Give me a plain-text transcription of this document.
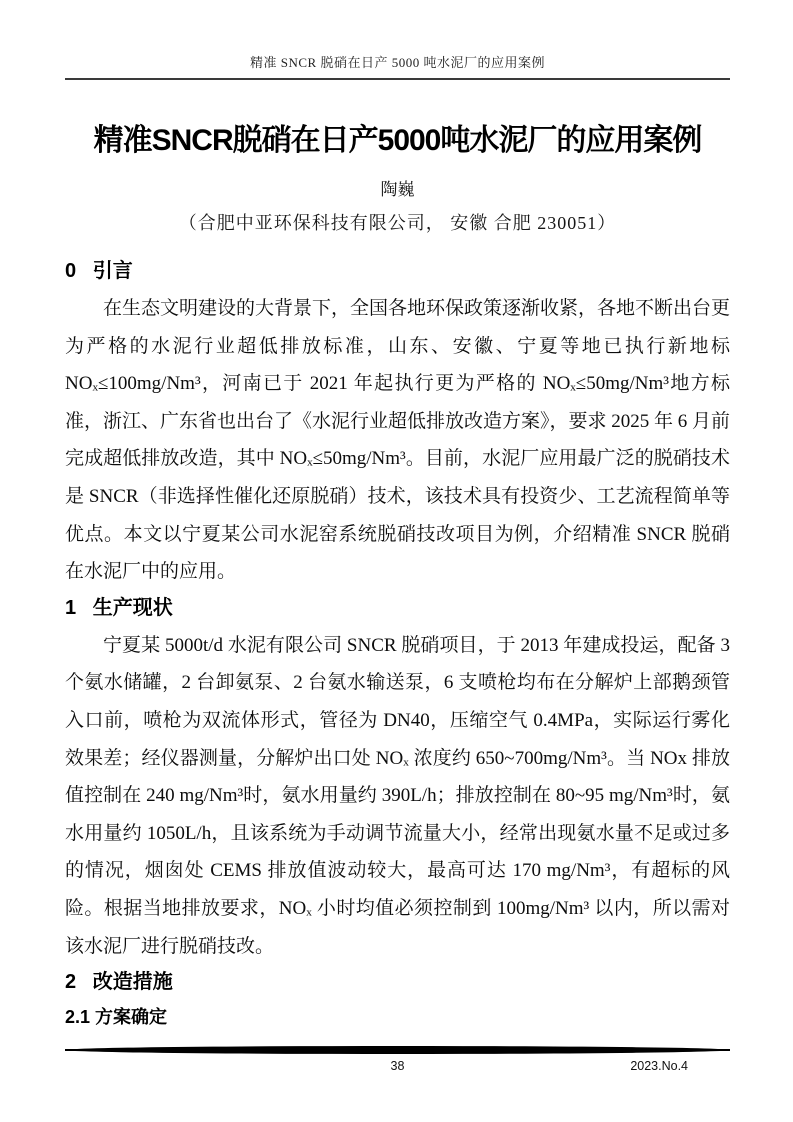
精准 SNCR 脱硝在日产 5000 吨水泥厂的应用案例
精准SNCR脱硝在日产5000吨水泥厂的应用案例
陶巍
（合肥中亚环保科技有限公司， 安徽 合肥 230051）
0   引言

在生态文明建设的大背景下，全国各地环保政策逐渐收紧，各地不断出台更为严格的水泥行业超低排放标准，山东、安徽、宁夏等地已执行新地标NOₓ≤100mg/Nm³，河南已于 2021 年起执行更为严格的 NOₓ≤50mg/Nm³地方标准，浙江、广东省也出台了《水泥行业超低排放改造方案》，要求 2025 年 6 月前完成超低排放改造，其中 NOₓ≤50mg/Nm³。目前，水泥厂应用最广泛的脱硝技术是 SNCR（非选择性催化还原脱硝）技术，该技术具有投资少、工艺流程简单等优点。本文以宁夏某公司水泥窑系统脱硝技改项目为例，介绍精准 SNCR 脱硝在水泥厂中的应用。

1   生产现状

宁夏某 5000t/d 水泥有限公司 SNCR 脱硝项目，于 2013 年建成投运，配备 3 个氨水储罐，2 台卸氨泵、2 台氨水输送泵，6 支喷枪均布在分解炉上部鹅颈管入口前，喷枪为双流体形式，管径为 DN40，压缩空气 0.4MPa，实际运行雾化效果差；经仪器测量，分解炉出口处 NOₓ 浓度约 650~700mg/Nm³。当 NOx 排放值控制在 240 mg/Nm³时，氨水用量约 390L/h；排放控制在 80~95 mg/Nm³时，氨水用量约 1050L/h，且该系统为手动调节流量大小，经常出现氨水量不足或过多的情况，烟囱处 CEMS 排放值波动较大，最高可达 170 mg/Nm³，有超标的风险。根据当地排放要求，NOₓ 小时均值必须控制到 100mg/Nm³ 以内，所以需对该水泥厂进行脱硝技改。

2   改造措施
2.1 方案确定
38	2023.No.4
